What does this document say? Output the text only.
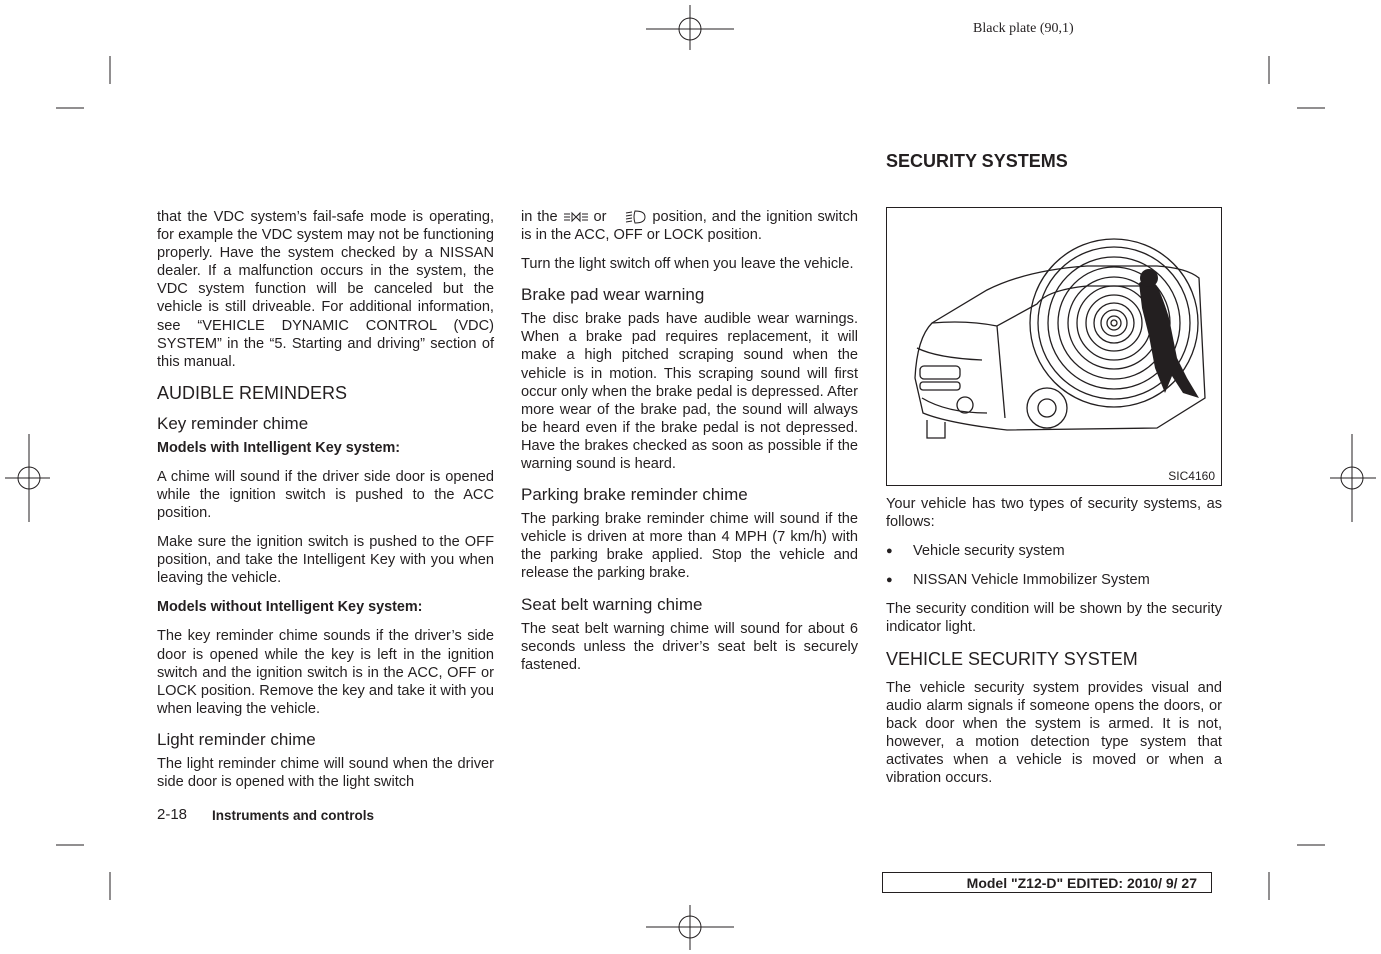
Black plate (90,1)

that the VDC system’s fail-safe mode is operating, for example the VDC system may not be functioning properly. Have the system checked by a NISSAN dealer. If a malfunction occurs in the system, the VDC system function will be canceled but the vehicle is still driveable. For additional information, see “VEHICLE DYNAMIC CONTROL (VDC) SYSTEM” in the “5. Starting and driving” section of this manual.

AUDIBLE REMINDERS
Key reminder chime
Models with Intelligent Key system:

A chime will sound if the driver side door is opened while the ignition switch is pushed to the ACC position.

Make sure the ignition switch is pushed to the OFF position, and take the Intelligent Key with you when leaving the vehicle.

Models without Intelligent Key system:

The key reminder chime sounds if the driver’s side door is opened while the key is left in the ignition switch and the ignition switch is in the ACC, OFF or LOCK position. Remove the key and take it with you when leaving the vehicle.

Light reminder chime

The light reminder chime will sound when the driver side door is opened with the light switch

in the or	position, and the ignition switch is in the ACC, OFF or LOCK position.

Turn the light switch off when you leave the vehicle.

Brake pad wear warning

The disc brake pads have audible wear warnings. When a brake pad requires replacement, it will make a high pitched scraping sound when the vehicle is in motion. This scraping sound will first occur only when the brake pedal is depressed. After more wear of the brake pad, the sound will always be heard even if the brake pedal is not depressed. Have the brakes checked as soon as possible if the warning sound is heard.

Parking brake reminder chime

The parking brake reminder chime will sound if the vehicle is driven at more than 4 MPH (7 km/h) with the parking brake applied. Stop the vehicle and release the parking brake.

Seat belt warning chime

The seat belt warning chime will sound for about 6 seconds unless the driver’s seat belt is securely fastened.

SECURITY SYSTEMS
SIC4160

Your vehicle has two types of security systems, as follows:

● Vehicle security system
● NISSAN Vehicle Immobilizer System

The security condition will be shown by the security indicator light.

VEHICLE SECURITY SYSTEM

The vehicle security system provides visual and audio alarm signals if someone opens the doors, or back door when the system is armed. It is not, however, a motion detection type system that activates when a vehicle is moved or when a vibration occurs.

2-18 Instruments and controls
Model "Z12-D" EDITED: 2010/ 9/ 27
